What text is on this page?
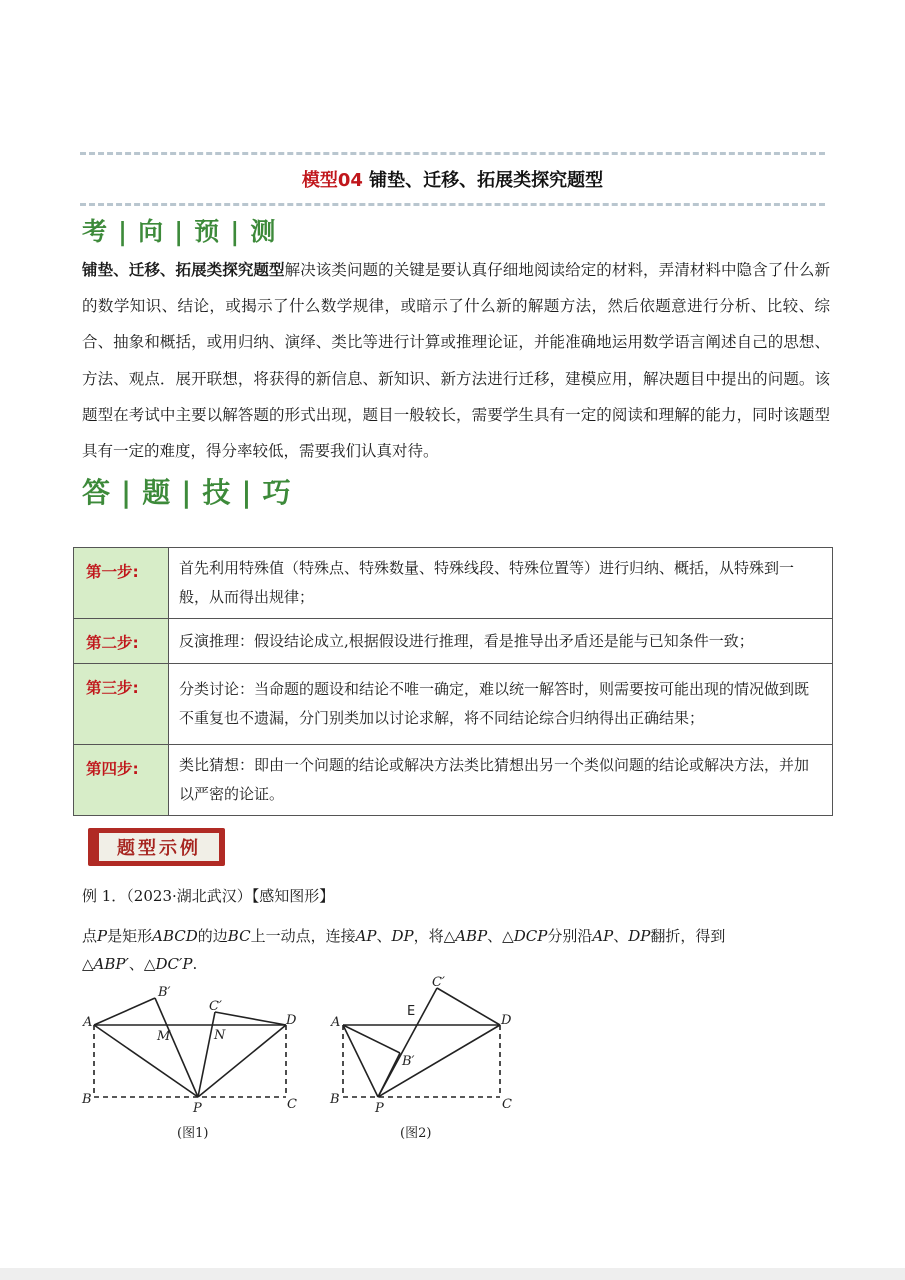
模型04 铺垫、迁移、拓展类探究题型
考 | 向 | 预 | 测
铺垫、迁移、拓展类探究题型解决该类问题的关键是要认真仔细地阅读给定的材料，弄清材料中隐含了什么新的数学知识、结论，或揭示了什么数学规律，或暗示了什么新的解题方法，然后依题意进行分析、比较、综合、抽象和概括，或用归纳、演绎、类比等进行计算或推理论证，并能准确地运用数学语言阐述自己的思想、方法、观点．展开联想，将获得的新信息、新知识、新方法进行迁移，建模应用，解决题目中提出的问题。该题型在考试中主要以解答题的形式出现，题目一般较长，需要学生具有一定的阅读和理解的能力，同时该题型具有一定的难度，得分率较低，需要我们认真对待。
答 | 题 | 技 | 巧
第一步:	首先利用特殊值（特殊点、特殊数量、特殊线段、特殊位置等）进行归纳、概括，从特殊到一般，从而得出规律；
第二步:	反演推理：假设结论成立,根据假设进行推理，看是推导出矛盾还是能与已知条件一致；
第三步:	分类讨论：当命题的题设和结论不唯一确定，难以统一解答时，则需要按可能出现的情况做到既不重复也不遗漏，分门别类加以讨论求解，将不同结论综合归纳得出正确结果；
第四步:	类比猜想：即由一个问题的结论或解决方法类比猜想出另一个类似问题的结论或解决方法，并加以严密的论证。
题型示例
例 1．（2023·湖北武汉）【感知图形】
点P是矩形ABCD的边BC上一动点，连接AP、DP，将△ABP、△DCP分别沿AP、DP翻折，得到
△ABP′、△DC′P.
A
B	C
D
P
M	N
B′
C′
(图1)
A
B	C
D
P
E
B′
C′
(图2)
